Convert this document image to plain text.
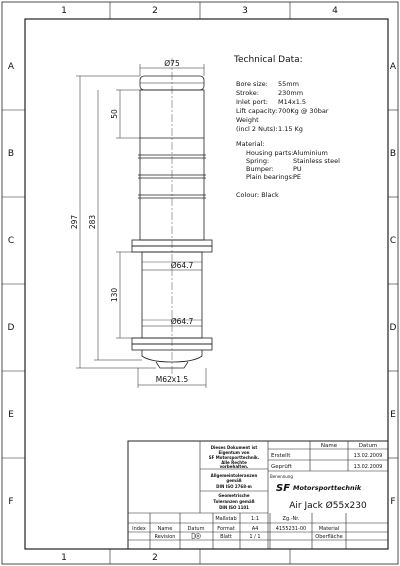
1	2	3	4
1	2
A
B
C
D
E
F
A
B
C
D
E
F
Ø75
50
297 283
130
Ø64.7
Ø64.7
M62x1.5
Technical Data:
Bore size: 55mm
Stroke:	230mm
Inlet port: M14x1.5
Lift capacity: 700Kg @ 30bar
Weight
(incl 2 Nuts): 1.15 Kg
Material:
Housing parts: Aluminium
Spring:	Stainless steel
Bumper:	PU
Plain bearings:
PE
Colour: Black
Dieses Dokument ist
Eigentum von
SF Motorsporttechnik.
Alle Rechte
vorbehalten.
Allgemeintoleranzen
gemäß
DIN ISO 2768-m
Geometrische
Toleranzen gemäß
DIN ISO 1101
Name	Datum
Erstellt	13.02.2009
Geprüft	13.02.2009
Benennung
SF Motorsporttechnik
Air Jack Ø55x230
Maßstab	1:1	Zg.-Nr.
Index Name	Datum	Format	A4	4155231-00	Material
Revision	Blatt	1 / 1	Oberfläche
